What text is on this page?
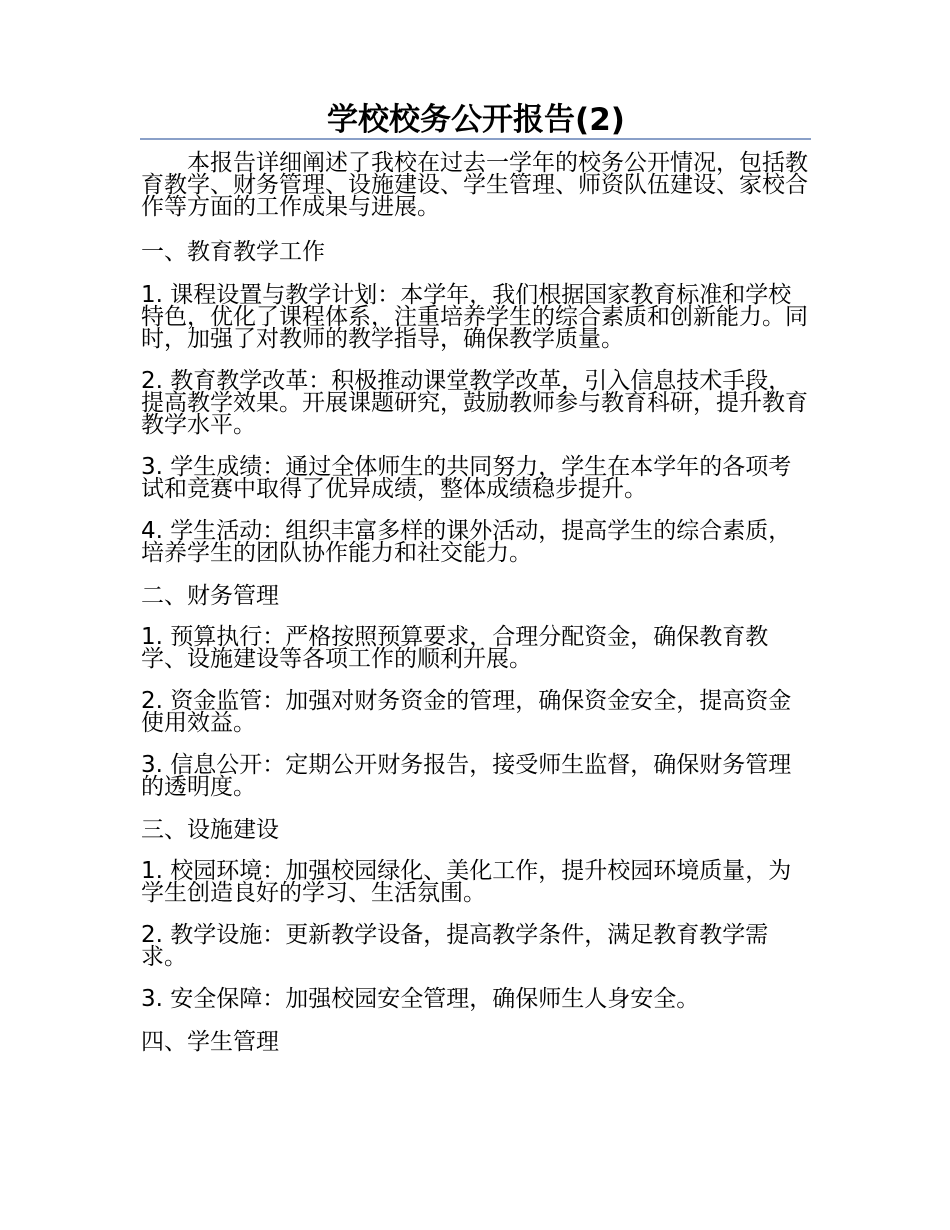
学校校务公开报告(2)

本报告详细阐述了我校在过去一学年的校务公开情况，包括教育教学、财务管理、设施建设、学生管理、师资队伍建设、家校合作等方面的工作成果与进展。

一、教育教学工作

1. 课程设置与教学计划：本学年，我们根据国家教育标准和学校特色，优化了课程体系，注重培养学生的综合素质和创新能力。同时，加强了对教师的教学指导，确保教学质量。

2. 教育教学改革：积极推动课堂教学改革，引入信息技术手段，提高教学效果。开展课题研究，鼓励教师参与教育科研，提升教育教学水平。

3. 学生成绩：通过全体师生的共同努力，学生在本学年的各项考试和竞赛中取得了优异成绩，整体成绩稳步提升。

4. 学生活动：组织丰富多样的课外活动，提高学生的综合素质，培养学生的团队协作能力和社交能力。

二、财务管理

1. 预算执行：严格按照预算要求，合理分配资金，确保教育教学、设施建设等各项工作的顺利开展。

2. 资金监管：加强对财务资金的管理，确保资金安全，提高资金使用效益。

3. 信息公开：定期公开财务报告，接受师生监督，确保财务管理的透明度。

三、设施建设

1. 校园环境：加强校园绿化、美化工作，提升校园环境质量，为学生创造良好的学习、生活氛围。

2. 教学设施：更新教学设备，提高教学条件，满足教育教学需求。

3. 安全保障：加强校园安全管理，确保师生人身安全。

四、学生管理
